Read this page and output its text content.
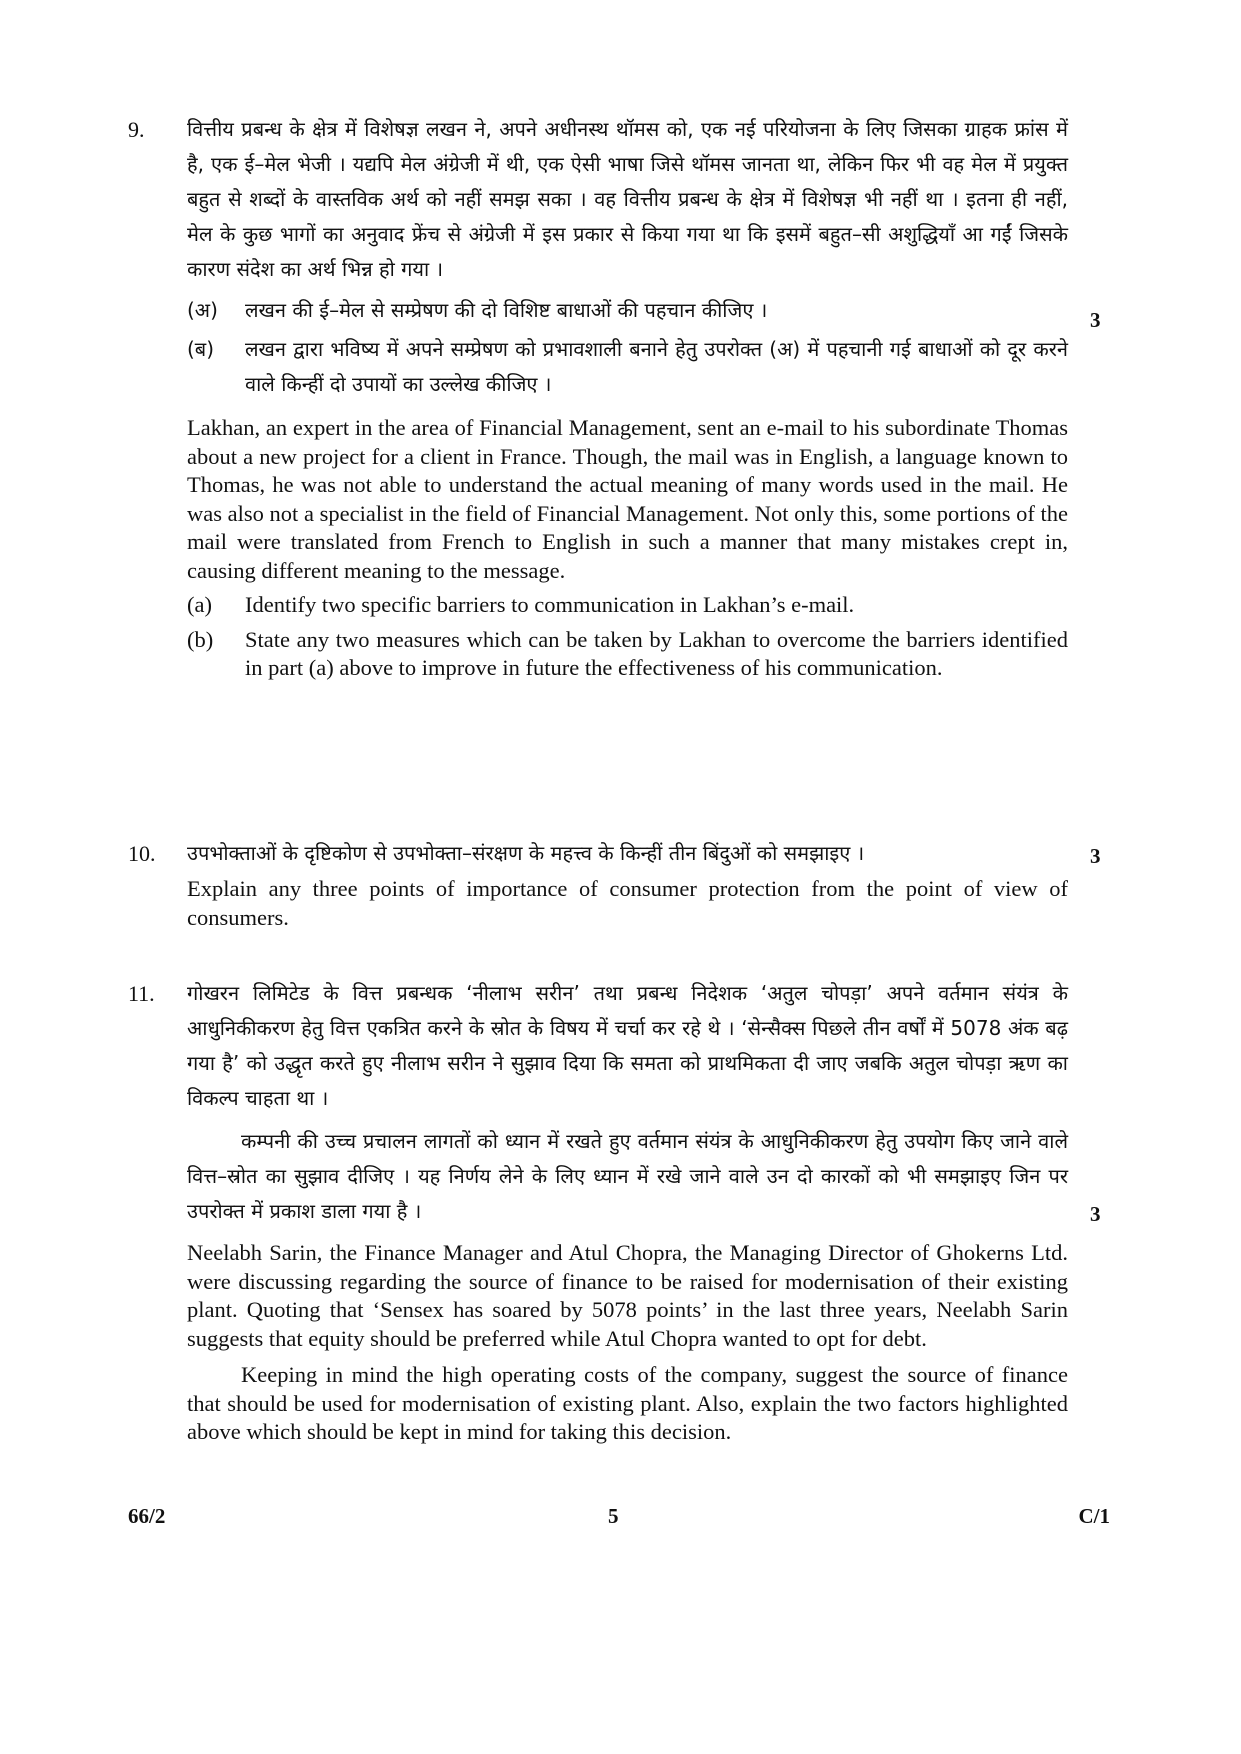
9. वित्तीय प्रबन्ध के क्षेत्र में विशेषज्ञ लखन ने, अपने अधीनस्थ थॉमस को, एक नई परियोजना के लिए जिसका ग्राहक फ्रांस में है, एक ई–मेल भेजी । यद्यपि मेल अंग्रेजी में थी, एक ऐसी भाषा जिसे थॉमस जानता था, लेकिन फिर भी वह मेल में प्रयुक्त बहुत से शब्दों के वास्तविक अर्थ को नहीं समझ सका । वह वित्तीय प्रबन्ध के क्षेत्र में विशेषज्ञ भी नहीं था । इतना ही नहीं, मेल के कुछ भागों का अनुवाद फ्रेंच से अंग्रेजी में इस प्रकार से किया गया था कि इसमें बहुत–सी अशुद्धियाँ आ गईं जिसके कारण संदेश का अर्थ भिन्न हो गया ।

(अ)	लखन की ई–मेल से सम्प्रेषण की दो विशिष्ट बाधाओं की पहचान कीजिए ।

(ब)	लखन द्वारा भविष्य में अपने सम्प्रेषण को प्रभावशाली बनाने हेतु उपरोक्त (अ) में पहचानी गई बाधाओं को दूर करने वाले किन्हीं दो उपायों का उल्लेख कीजिए ।

Lakhan, an expert in the area of Financial Management, sent an e-mail to his subordinate Thomas about a new project for a client in France. Though, the mail was in English, a language known to Thomas, he was not able to understand the actual meaning of many words used in the mail. He was also not a specialist in the field of Financial Management. Not only this, some portions of the mail were translated from French to English in such a manner that many mistakes crept in, causing different meaning to the message.

(a)	Identify two specific barriers to communication in Lakhan’s e-mail.

(b)	State any two measures which can be taken by Lakhan to overcome the barriers identified in part (a) above to improve in future the effectiveness of his communication.

3
10. उपभोक्ताओं के दृष्टिकोण से उपभोक्ता–संरक्षण के महत्त्व के किन्हीं तीन बिंदुओं को समझाइए ।

Explain any three points of importance of consumer protection from the point of view of consumers.

3
11. गोखरन लिमिटेड के वित्त प्रबन्धक ‘नीलाभ सरीन’ तथा प्रबन्ध निदेशक ‘अतुल चोपड़ा’ अपने वर्तमान संयंत्र के आधुनिकीकरण हेतु वित्त एकत्रित करने के स्रोत के विषय में चर्चा कर रहे थे । ‘सेन्सैक्स पिछले तीन वर्षों में 5078 अंक बढ़ गया है’ को उद्धृत करते हुए नीलाभ सरीन ने सुझाव दिया कि समता को प्राथमिकता दी जाए जबकि अतुल चोपड़ा ऋण का विकल्प चाहता था ।

कम्पनी की उच्च प्रचालन लागतों को ध्यान में रखते हुए वर्तमान संयंत्र के आधुनिकीकरण हेतु उपयोग किए जाने वाले वित्त–स्रोत का सुझाव दीजिए । यह निर्णय लेने के लिए ध्यान में रखे जाने वाले उन दो कारकों को भी समझाइए जिन पर उपरोक्त में प्रकाश डाला गया है ।

Neelabh Sarin, the Finance Manager and Atul Chopra, the Managing Director of Ghokerns Ltd. were discussing regarding the source of finance to be raised for modernisation of their existing plant. Quoting that ‘Sensex has soared by 5078 points’ in the last three years, Neelabh Sarin suggests that equity should be preferred while Atul Chopra wanted to opt for debt.

Keeping in mind the high operating costs of the company, suggest the source of finance that should be used for modernisation of existing plant. Also, explain the two factors highlighted above which should be kept in mind for taking this decision.

3
66/2	5	C/1
